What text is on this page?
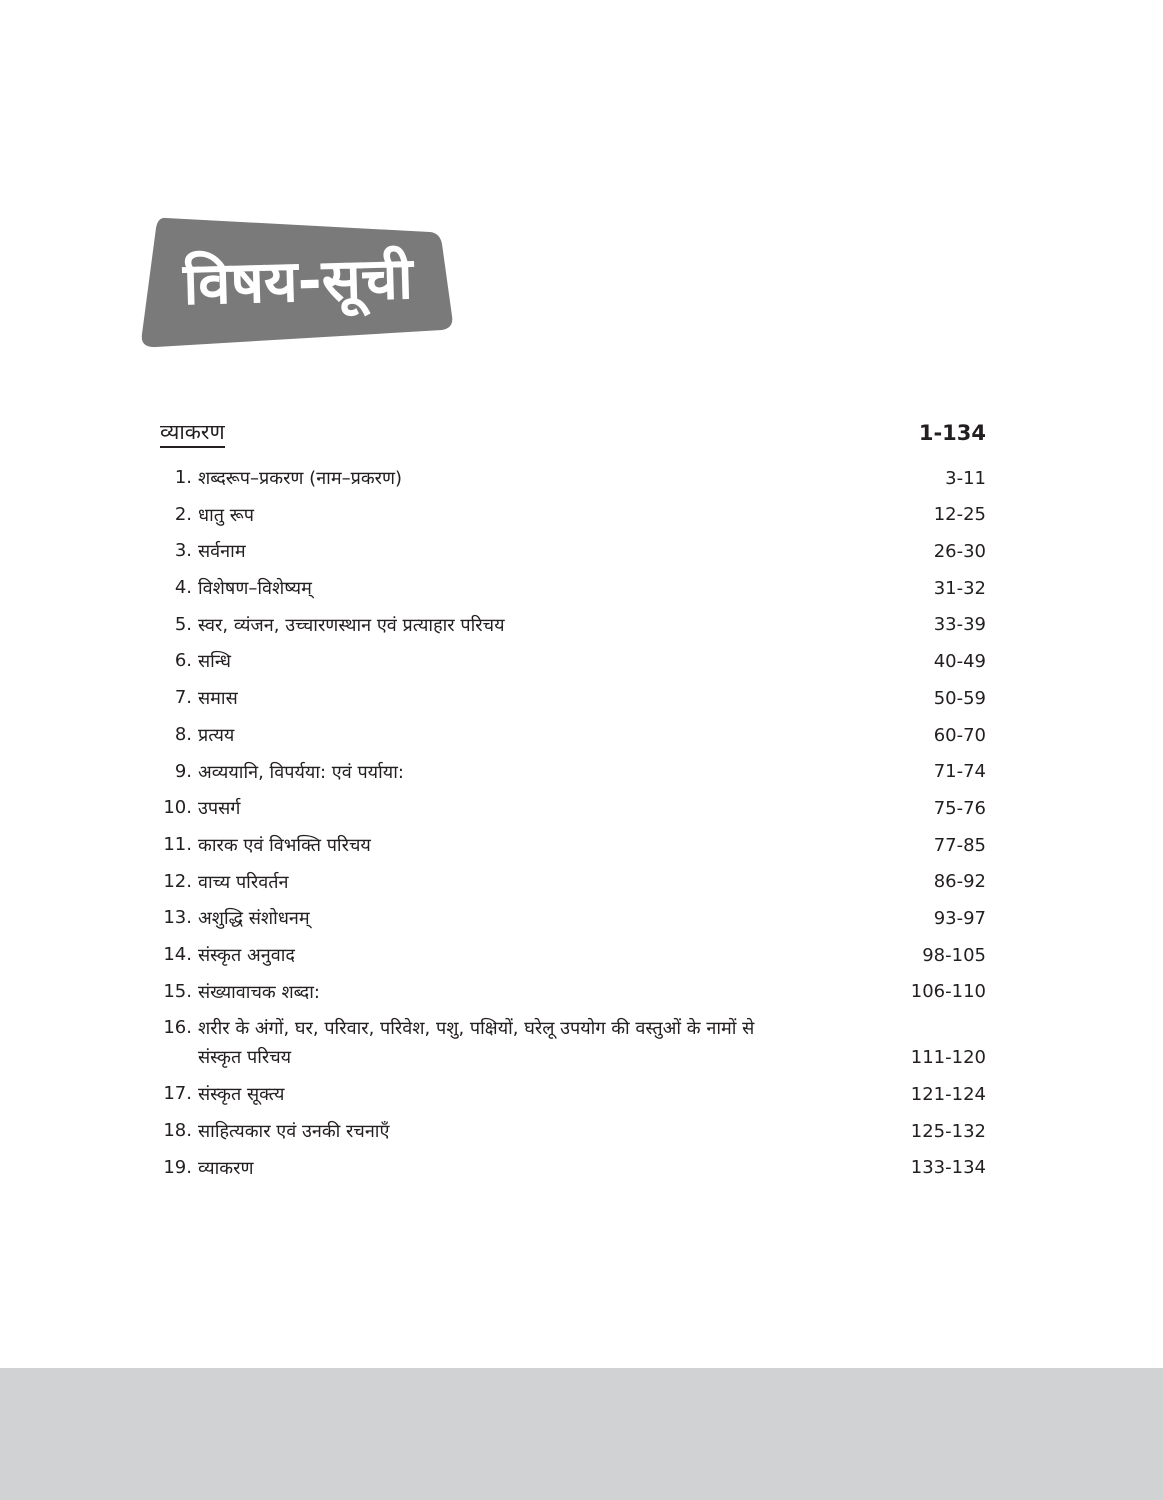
विषय-सूची
व्याकरण	1-134
1. शब्दरूप–प्रकरण (नाम–प्रकरण)	3-11
2. धातु रूप	12-25
3. सर्वनाम	26-30
4. विशेषण–विशेष्यम्	31-32
5. स्वर, व्यंजन, उच्चारणस्थान एवं प्रत्याहार परिचय	33-39
6. सन्धि	40-49
7. समास	50-59
8. प्रत्यय	60-70
9. अव्ययानि, विपर्यया: एवं पर्याया:	71-74
10. उपसर्ग	75-76
11. कारक एवं विभक्ति परिचय	77-85
12. वाच्य परिवर्तन	86-92
13. अशुद्धि संशोधनम्	93-97
14. संस्कृत अनुवाद	98-105
15. संख्यावाचक शब्दा:	106-110
16. शरीर के अंगों, घर, परिवार, परिवेश, पशु, पक्षियों, घरेलू उपयोग की वस्तुओं के नामों से संस्कृत परिचय	111-120
17. संस्कृत सूक्त्य	121-124
18. साहित्यकार एवं उनकी रचनाएँ	125-132
19. व्याकरण	133-134
